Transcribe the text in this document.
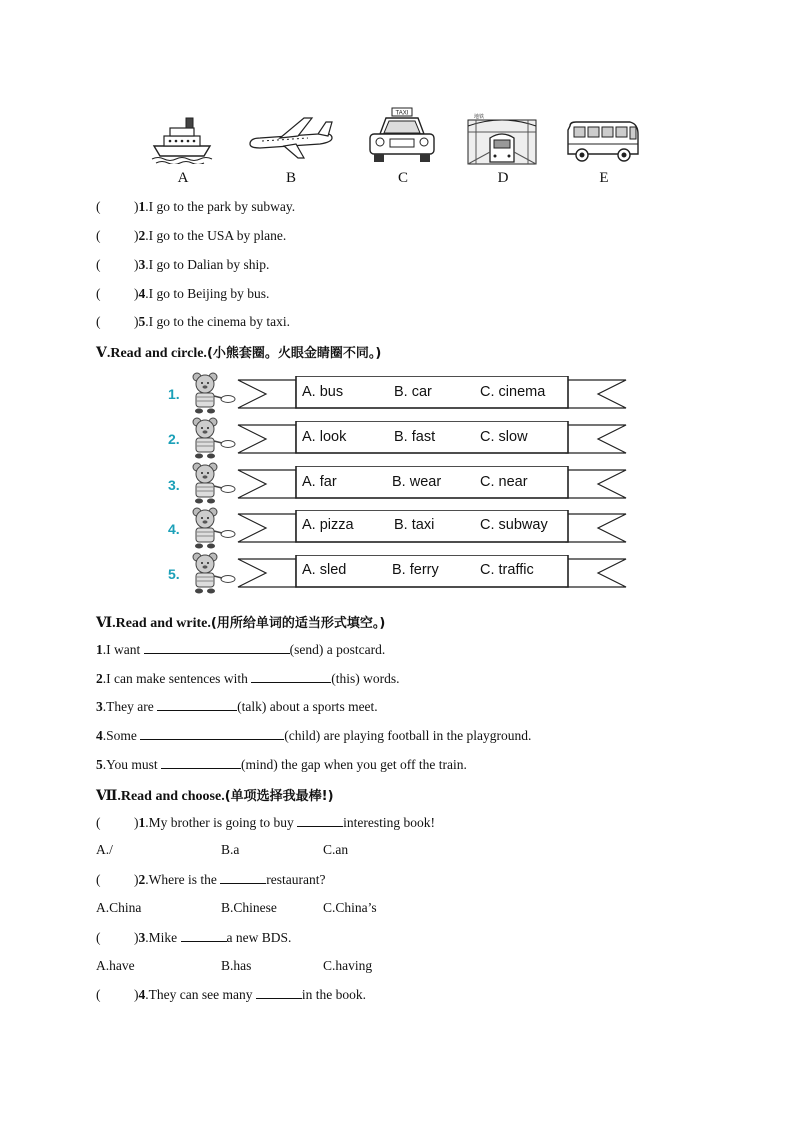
A	B
TAXI
C
地铁
D	E
( )1.I go to the park by subway.
( )2.I go to the USA by plane.
( )3.I go to Dalian by ship.
( )4.I go to Beijing by bus.
( )5.I go to the cinema by taxi.
Ⅴ.Read and circle.(小熊套圈。火眼金睛圈不同。)
1.	A. bus	B. car	C. cinema
2.	A. look	B. fast	C. slow
3.	A. far	B. wear	C. near
4.	A. pizza	B. taxi	C. subway
5.	A. sled	B. ferry	C. traffic
Ⅵ.Read and write.(用所给单词的适当形式填空。)
1.I want	(send) a postcard.
2.I can make sentences with	(this) words.
3.They are	(talk) about a sports meet.
4.Some	(child) are playing football in the playground.
5.You must	(mind) the gap when you get off the train.
Ⅶ.Read and choose.(单项选择我最棒!)
( )1.My brother is going to buy	interesting book!
A./	B.a	C.an
( )2.Where is the	restaurant?
A.China	B.Chinese	C.China’s
( )3.Mike	a new BDS.
A.have	B.has	C.having
( )4.They can see many	in the book.
